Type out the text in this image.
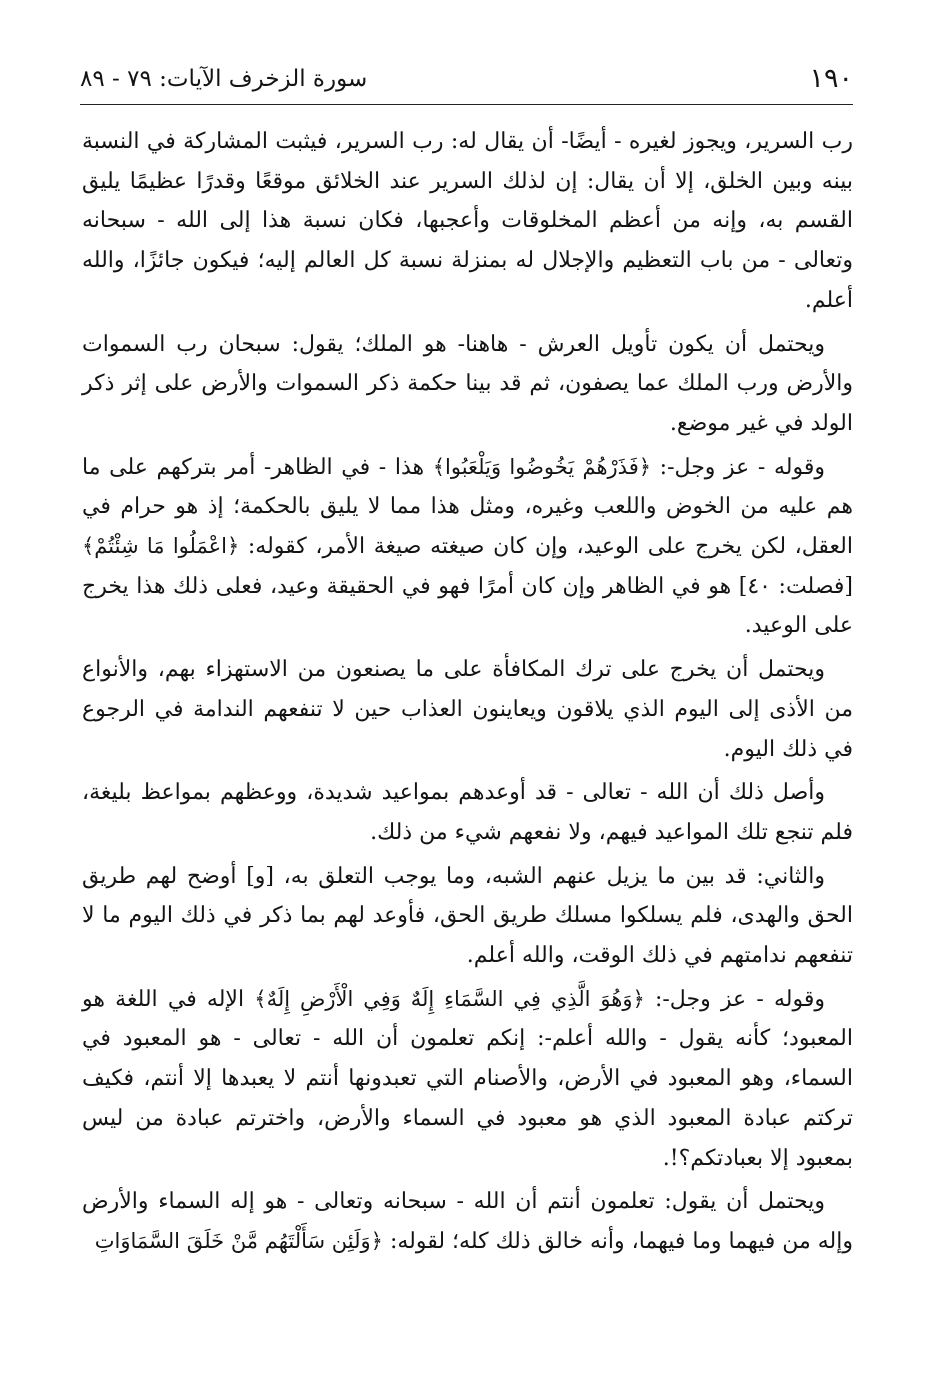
١٩٠
سورة الزخرف الآيات: ٧٩ - ٨٩

رب السرير، ويجوز لغيره - أيضًا- أن يقال له: رب السرير، فيثبت المشاركة في النسبة بينه وبين الخلق، إلا أن يقال: إن لذلك السرير عند الخلائق موقعًا وقدرًا عظيمًا يليق القسم به، وإنه من أعظم المخلوقات وأعجبها، فكان نسبة هذا إلى الله - سبحانه وتعالى - من باب التعظيم والإجلال له بمنزلة نسبة كل العالم إليه؛ فيكون جائزًا، والله أعلم.

ويحتمل أن يكون تأويل العرش - هاهنا- هو الملك؛ يقول: سبحان رب السموات والأرض ورب الملك عما يصفون، ثم قد بينا حكمة ذكر السموات والأرض على إثر ذكر الولد في غير موضع.

وقوله - عز وجل-: ﴿فَذَرْهُمْ يَخُوضُوا وَيَلْعَبُوا﴾ هذا - في الظاهر- أمر بتركهم على ما هم عليه من الخوض واللعب وغيره، ومثل هذا مما لا يليق بالحكمة؛ إذ هو حرام في العقل، لكن يخرج على الوعيد، وإن كان صيغته صيغة الأمر، كقوله: ﴿اعْمَلُوا مَا شِئْتُمْ﴾ [فصلت: ٤٠] هو في الظاهر وإن كان أمرًا فهو في الحقيقة وعيد، فعلى ذلك هذا يخرج على الوعيد.

ويحتمل أن يخرج على ترك المكافأة على ما يصنعون من الاستهزاء بهم، والأنواع من الأذى إلى اليوم الذي يلاقون ويعاينون العذاب حين لا تنفعهم الندامة في الرجوع في ذلك اليوم.

وأصل ذلك أن الله - تعالى - قد أوعدهم بمواعيد شديدة، ووعظهم بمواعظ بليغة، فلم تنجع تلك المواعيد فيهم، ولا نفعهم شيء من ذلك.

والثاني: قد بين ما يزيل عنهم الشبه، وما يوجب التعلق به، [و] أوضح لهم طريق الحق والهدى، فلم يسلكوا مسلك طريق الحق، فأوعد لهم بما ذكر في ذلك اليوم ما لا تنفعهم ندامتهم في ذلك الوقت، والله أعلم.

وقوله - عز وجل-: ﴿وَهُوَ الَّذِي فِي السَّمَاءِ إِلَهٌ وَفِي الْأَرْضِ إِلَهٌ﴾ الإله في اللغة هو المعبود؛ كأنه يقول - والله أعلم-: إنكم تعلمون أن الله - تعالى - هو المعبود في السماء، وهو المعبود في الأرض، والأصنام التي تعبدونها أنتم لا يعبدها إلا أنتم، فكيف تركتم عبادة المعبود الذي هو معبود في السماء والأرض، واخترتم عبادة من ليس بمعبود إلا بعبادتكم؟!.

ويحتمل أن يقول: تعلمون أنتم أن الله - سبحانه وتعالى - هو إله السماء والأرض وإله من فيهما وما فيهما، وأنه خالق ذلك كله؛ لقوله: ﴿وَلَئِن سَأَلْتَهُم مَّنْ خَلَقَ السَّمَاوَاتِ
